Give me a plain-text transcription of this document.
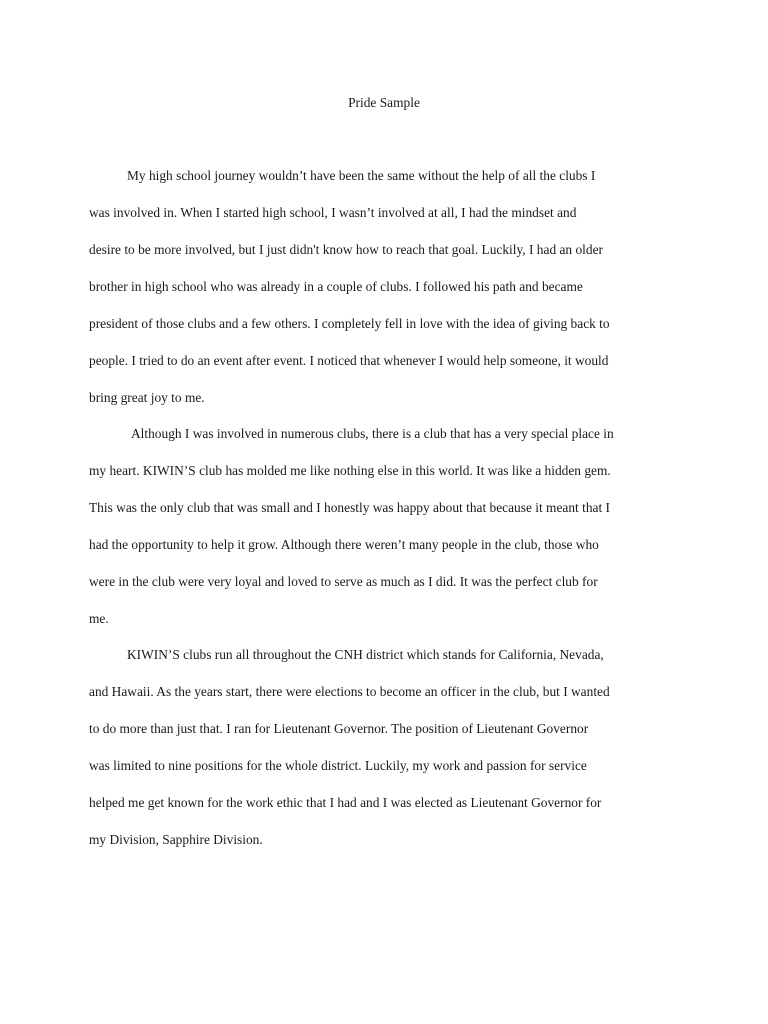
Pride Sample
My high school journey wouldn’t have been the same without the help of all the clubs I
was involved in. When I started high school, I wasn’t involved at all, I had the mindset and
desire to be more involved, but I just didn't know how to reach that goal. Luckily, I had an older
brother in high school who was already in a couple of clubs. I followed his path and became
president of those clubs and a few others. I completely fell in love with the idea of giving back to
people. I tried to do an event after event. I noticed that whenever I would help someone, it would
bring great joy to me.
Although I was involved in numerous clubs, there is a club that has a very special place in
my heart. KIWIN’S club has molded me like nothing else in this world. It was like a hidden gem.
This was the only club that was small and I honestly was happy about that because it meant that I
had the opportunity to help it grow. Although there weren’t many people in the club, those who
were in the club were very loyal and loved to serve as much as I did. It was the perfect club for
me.
KIWIN’S clubs run all throughout the CNH district which stands for California, Nevada,
and Hawaii. As the years start, there were elections to become an officer in the club, but I wanted
to do more than just that. I ran for Lieutenant Governor. The position of Lieutenant Governor
was limited to nine positions for the whole district. Luckily, my work and passion for service
helped me get known for the work ethic that I had and I was elected as Lieutenant Governor for
my Division, Sapphire Division.
